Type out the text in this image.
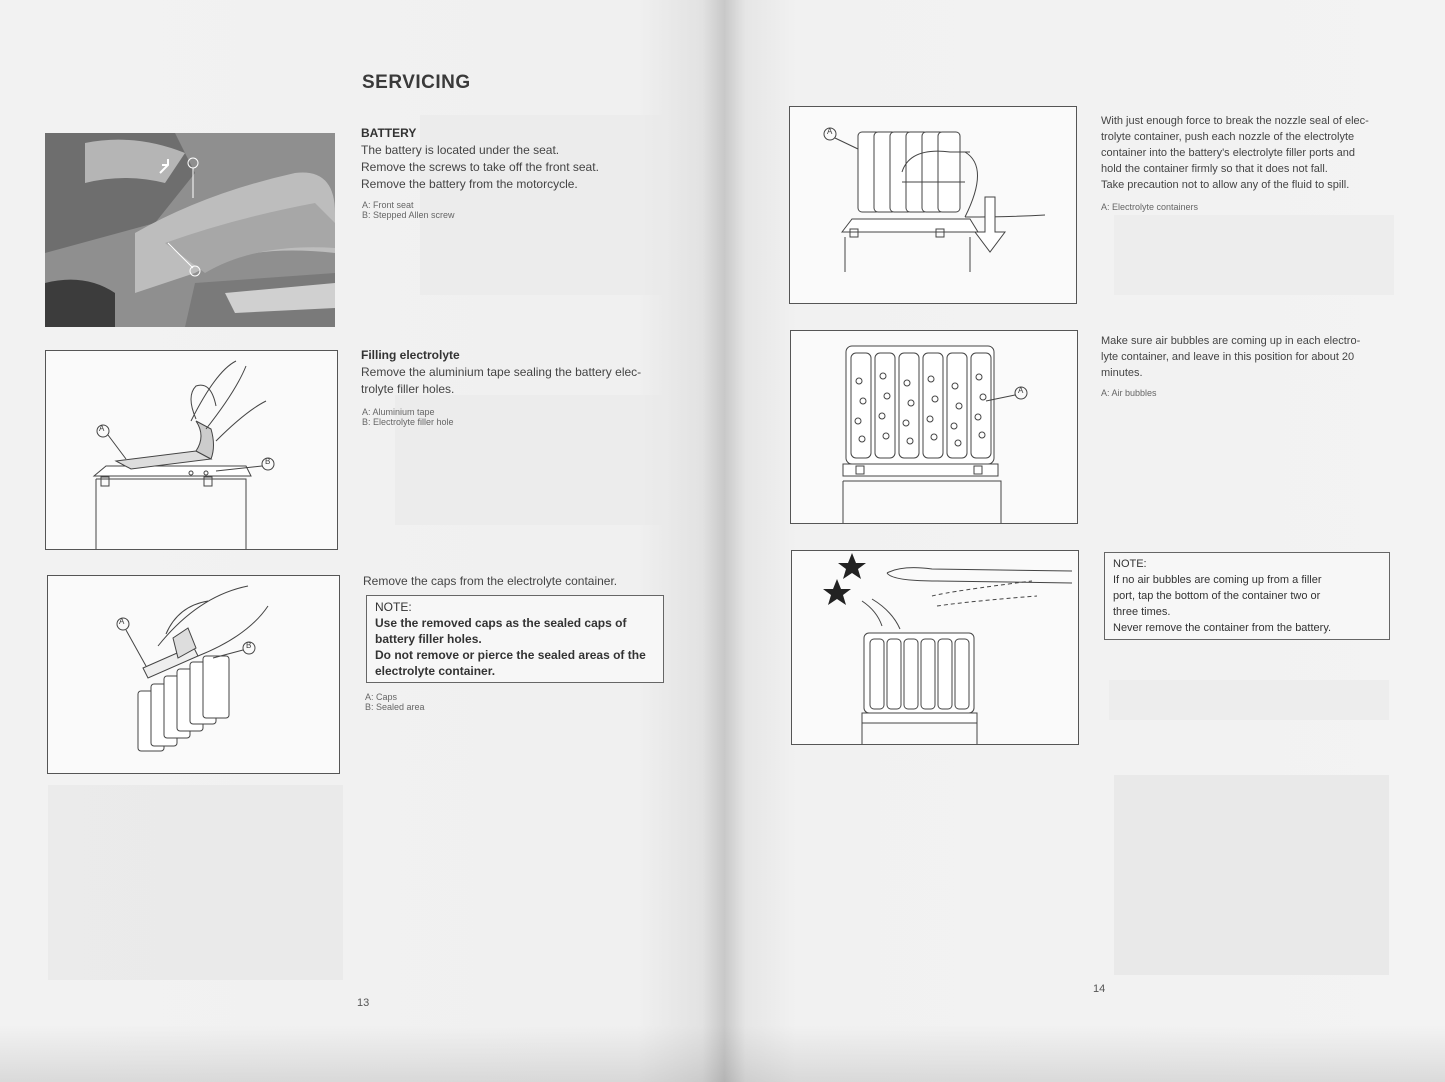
SERVICING
BATTERY
The battery is located under the seat.
Remove the screws to take off the front seat.
Remove the battery from the motorcycle.
A: Front seat
B: Stepped Allen screw
A
B
Filling electrolyte
Remove the aluminium tape sealing the battery elec-
trolyte filler holes.
A: Aluminium tape
B: Electrolyte filler hole
A
B
Remove the caps from the electrolyte container.
NOTE:
Use the removed caps as the sealed caps of
battery filler holes.
Do not remove or pierce the sealed areas of the
electrolyte container.
A: Caps
B: Sealed area
13
A
With just enough force to break the nozzle seal of elec-
trolyte container, push each nozzle of the electrolyte
container into the battery's electrolyte filler ports and
hold the container firmly so that it does not fall.
Take precaution not to allow any of the fluid to spill.
A: Electrolyte containers
A
Make sure air bubbles are coming up in each electro-
lyte container, and leave in this position for about 20
minutes.
A: Air bubbles
NOTE:
If no air bubbles are coming up from a filler
port, tap the bottom of the container two or
three times.
Never remove the container from the battery.
14
